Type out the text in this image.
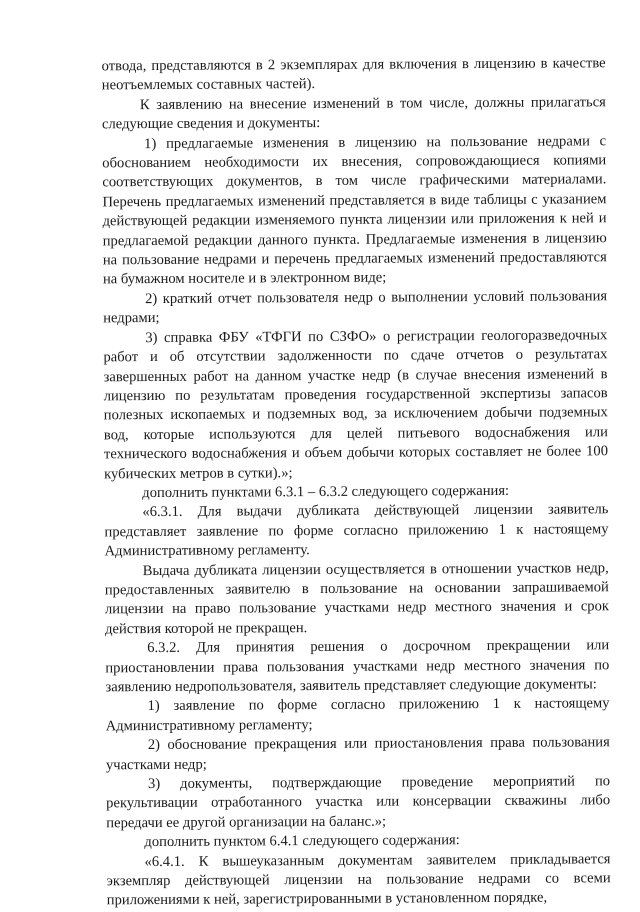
отвода, представляются в 2 экземплярах для включения в лицензию в качестве неотъемлемых составных частей).

К заявлению на внесение изменений в том числе, должны прилагаться следующие сведения и документы:

1) предлагаемые изменения в лицензию на пользование недрами с обоснованием необходимости их внесения, сопровождающиеся копиями соответствующих документов, в том числе графическими материалами. Перечень предлагаемых изменений представляется в виде таблицы с указанием действующей редакции изменяемого пункта лицензии или приложения к ней и предлагаемой редакции данного пункта. Предлагаемые изменения в лицензию на пользование недрами и перечень предлагаемых изменений предоставляются на бумажном носителе и в электронном виде;

2) краткий отчет пользователя недр о выполнении условий пользования недрами;

3) справка ФБУ «ТФГИ по СЗФО» о регистрации геологоразведочных работ и об отсутствии задолженности по сдаче отчетов о результатах завершенных работ на данном участке недр (в случае внесения изменений в лицензию по результатам проведения государственной экспертизы запасов полезных ископаемых и подземных вод, за исключением добычи подземных вод, которые используются для целей питьевого водоснабжения или технического водоснабжения и объем добычи которых составляет не более 100 кубических метров в сутки).»;

дополнить пунктами 6.3.1 – 6.3.2 следующего содержания:

«6.3.1. Для выдачи дубликата действующей лицензии заявитель представляет заявление по форме согласно приложению 1 к настоящему Административному регламенту.

Выдача дубликата лицензии осуществляется в отношении участков недр, предоставленных заявителю в пользование на основании запрашиваемой лицензии на право пользование участками недр местного значения и срок действия которой не прекращен.

6.3.2. Для принятия решения о досрочном прекращении или приостановлении права пользования участками недр местного значения по заявлению недропользователя, заявитель представляет следующие документы:

1) заявление по форме согласно приложению 1 к настоящему Административному регламенту;

2) обоснование прекращения или приостановления права пользования участками недр;

3) документы, подтверждающие проведение мероприятий по рекультивации отработанного участка или консервации скважины либо передачи ее другой организации на баланс.»;

дополнить пунктом 6.4.1 следующего содержания:

«6.4.1. К вышеуказанным документам заявителем прикладывается экземпляр действующей лицензии на пользование недрами со всеми приложениями к ней, зарегистрированными в установленном порядке,
